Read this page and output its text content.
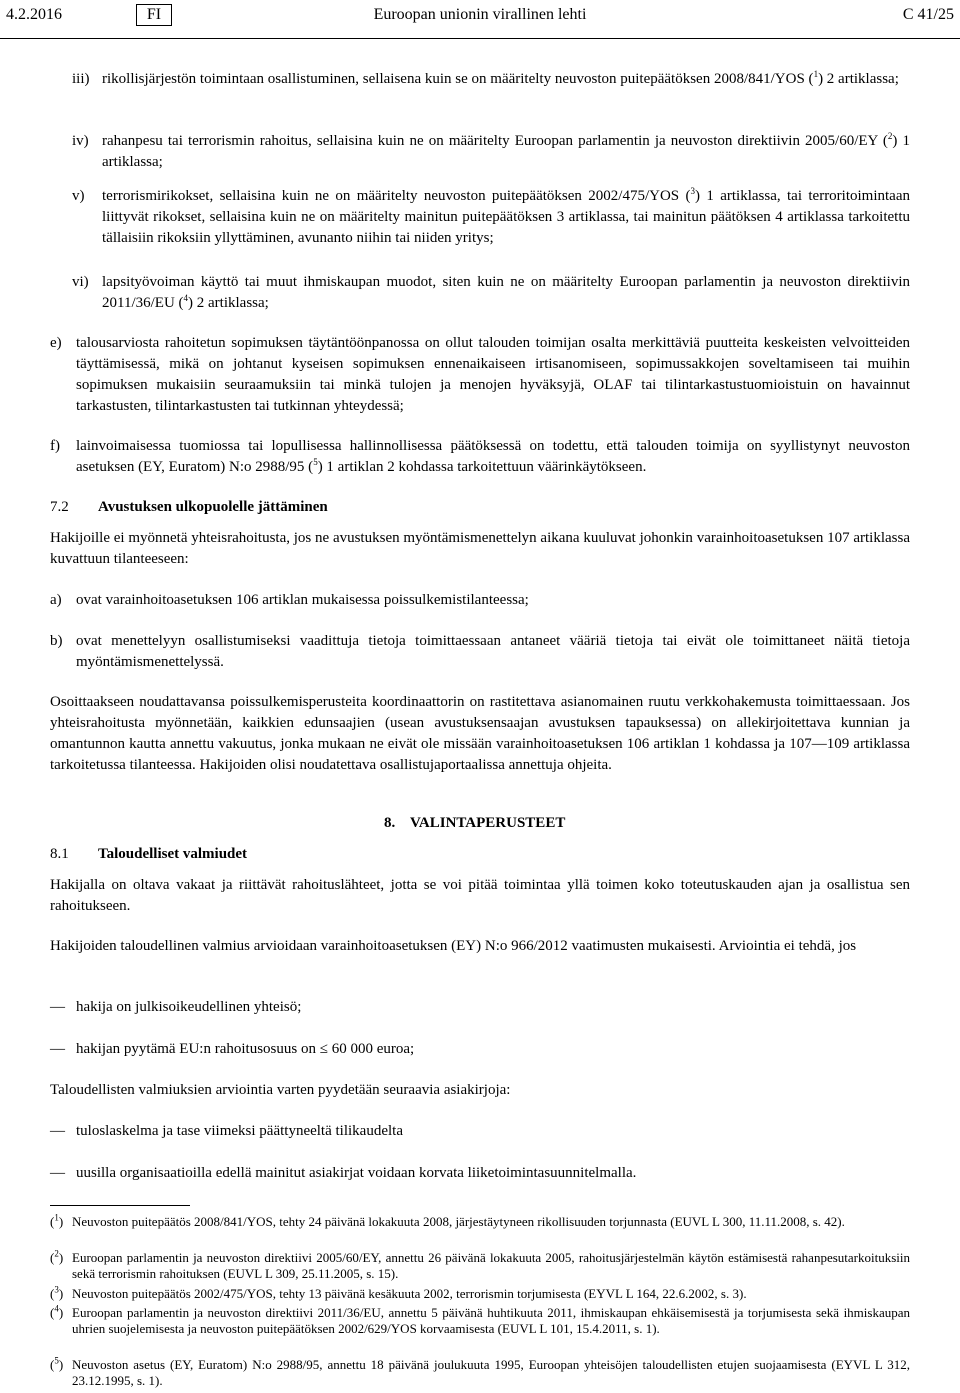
4.2.2016	FI	Euroopan unionin virallinen lehti	C 41/25
iii) rikollisjärjestön toimintaan osallistuminen, sellaisena kuin se on määritelty neuvoston puitepäätöksen 2008/841/YOS ($^1$) 2 artiklassa;

iv) rahanpesu tai terrorismin rahoitus, sellaisina kuin ne on määritelty Euroopan parlamentin ja neuvoston direktiivin 2005/60/EY ($^2$) 1 artiklassa;

v) terrorismirikokset, sellaisina kuin ne on määritelty neuvoston puitepäätöksen 2002/475/YOS ($^3$) 1 artiklassa, tai terroritoimintaan liittyvät rikokset, sellaisina kuin ne on määritelty mainitun puitepäätöksen 3 artiklassa, tai mainitun päätöksen 4 artiklassa tarkoitettu tällaisiin rikoksiin yllyttäminen, avunanto niihin tai niiden yritys;

vi) lapsityövoiman käyttö tai muut ihmiskaupan muodot, siten kuin ne on määritelty Euroopan parlamentin ja neuvoston direktiivin 2011/36/EU ($^4$) 2 artiklassa;

e) talousarviosta rahoitetun sopimuksen täytäntöönpanossa on ollut talouden toimijan osalta merkittäviä puutteita keskeisten velvoitteiden täyttämisessä, mikä on johtanut kyseisen sopimuksen ennenaikaiseen irtisanomiseen, sopimussakkojen soveltamiseen tai muihin sopimuksen mukaisiin seuraamuksiin tai minkä tulojen ja menojen hyväksyjä, OLAF tai tilintarkastustuomioistuin on havainnut tarkastusten, tilintarkastusten tai tutkinnan yhteydessä;

f) lainvoimaisessa tuomiossa tai lopullisessa hallinnollisessa päätöksessä on todettu, että talouden toimija on syyllistynyt neuvoston asetuksen (EY, Euratom) N:o 2988/95 ($^5$) 1 artiklan 2 kohdassa tarkoitettuun väärinkäytökseen.

7.2 Avustuksen ulkopuolelle jättäminen

Hakijoille ei myönnetä yhteisrahoitusta, jos ne avustuksen myöntämismenettelyn aikana kuuluvat johonkin varainhoitoasetuksen 107 artiklassa kuvattuun tilanteeseen:

a) ovat varainhoitoasetuksen 106 artiklan mukaisessa poissulkemistilanteessa;

b) ovat menettelyyn osallistumiseksi vaadittuja tietoja toimittaessaan antaneet vääriä tietoja tai eivät ole toimittaneet näitä tietoja myöntämismenettelyssä.

Osoittaakseen noudattavansa poissulkemisperusteita koordinaattorin on rastitettava asianomainen ruutu verkkohakemusta toimittaessaan. Jos yhteisrahoitusta myönnetään, kaikkien edunsaajien (usean avustuksensaajan avustuksen tapauksessa) on allekirjoitettava kunnian ja omantunnon kautta annettu vakuutus, jonka mukaan ne eivät ole missään varainhoitoasetuksen 106 artiklan 1 kohdassa ja 107—109 artiklassa tarkoitetussa tilanteessa. Hakijoiden olisi noudatettava osallistujaportaalissa annettuja ohjeita.

8. VALINTAPERUSTEET
8.1 Taloudelliset valmiudet

Hakijalla on oltava vakaat ja riittävät rahoituslähteet, jotta se voi pitää toimintaa yllä toimen koko toteutuskauden ajan ja osallistua sen rahoitukseen.

Hakijoiden taloudellinen valmius arvioidaan varainhoitoasetuksen (EY) N:o 966/2012 vaatimusten mukaisesti. Arviointia ei tehdä, jos

— hakija on julkisoikeudellinen yhteisö;

— hakijan pyytämä EU:n rahoitusosuus on ≤ 60 000 euroa;

Taloudellisten valmiuksien arviointia varten pyydetään seuraavia asiakirjoja:

— tuloslaskelma ja tase viimeksi päättyneeltä tilikaudelta

— uusilla organisaatioilla edellä mainitut asiakirjat voidaan korvata liiketoimintasuunnitelmalla.

($^1$) Neuvoston puitepäätös 2008/841/YOS, tehty 24 päivänä lokakuuta 2008, järjestäytyneen rikollisuuden torjunnasta (EUVL L 300, 11.11.2008, s. 42).

($^2$) Euroopan parlamentin ja neuvoston direktiivi 2005/60/EY, annettu 26 päivänä lokakuuta 2005, rahoitusjärjestelmän käytön estämisestä rahanpesutarkoituksiin sekä terrorismin rahoituksen (EUVL L 309, 25.11.2005, s. 15).

($^3$) Neuvoston puitepäätös 2002/475/YOS, tehty 13 päivänä kesäkuuta 2002, terrorismin torjumisesta (EYVL L 164, 22.6.2002, s. 3).

($^4$) Euroopan parlamentin ja neuvoston direktiivi 2011/36/EU, annettu 5 päivänä huhtikuuta 2011, ihmiskaupan ehkäisemisestä ja torjumisesta sekä ihmiskaupan uhrien suojelemisesta ja neuvoston puitepäätöksen 2002/629/YOS korvaamisesta (EUVL L 101, 15.4.2011, s. 1).

($^5$) Neuvoston asetus (EY, Euratom) N:o 2988/95, annettu 18 päivänä joulukuuta 1995, Euroopan yhteisöjen taloudellisten etujen suojaamisesta (EYVL L 312, 23.12.1995, s. 1).
